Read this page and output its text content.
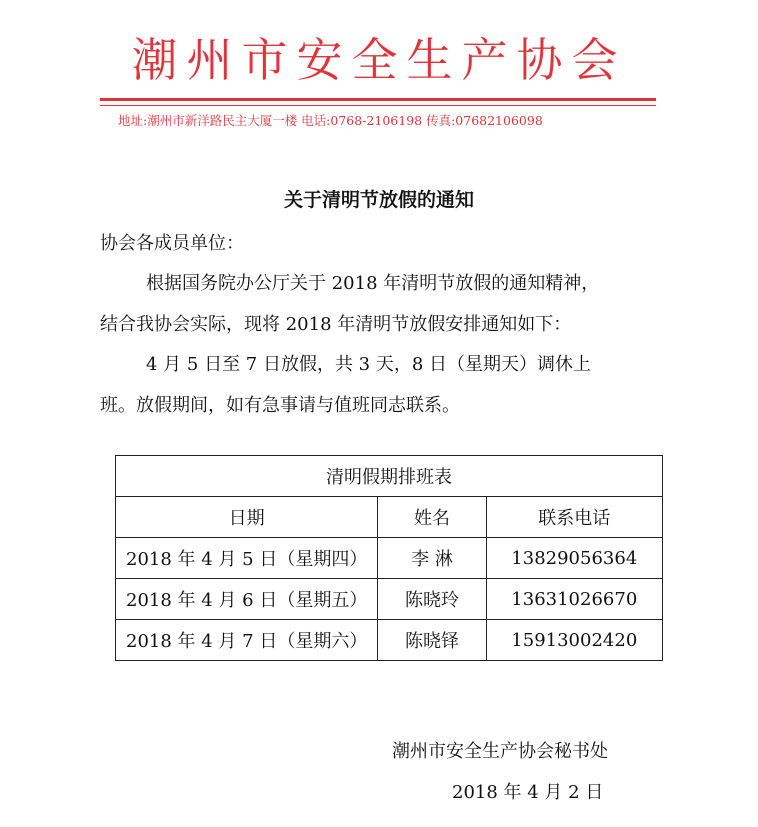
潮州市安全生产协会
地址:潮州市新洋路民主大厦一楼 电话:0768-2106198 传真:07682106098
关于清明节放假的通知
协会各成员单位：
根据国务院办公厅关于 2018 年清明节放假的通知精神，
结合我协会实际，现将 2018 年清明节放假安排通知如下：
4 月 5 日至 7 日放假，共 3 天，8 日（星期天）调休上
班。放假期间，如有急事请与值班同志联系。
清明假期排班表		
日期	姓名	联系电话
2018 年 4 月 5 日（星期四）	李 淋	13829056364
2018 年 4 月 6 日（星期五）	陈晓玲	13631026670
2018 年 4 月 7 日（星期六）	陈晓铎	15913002420
潮州市安全生产协会秘书处
2018 年 4 月 2 日
